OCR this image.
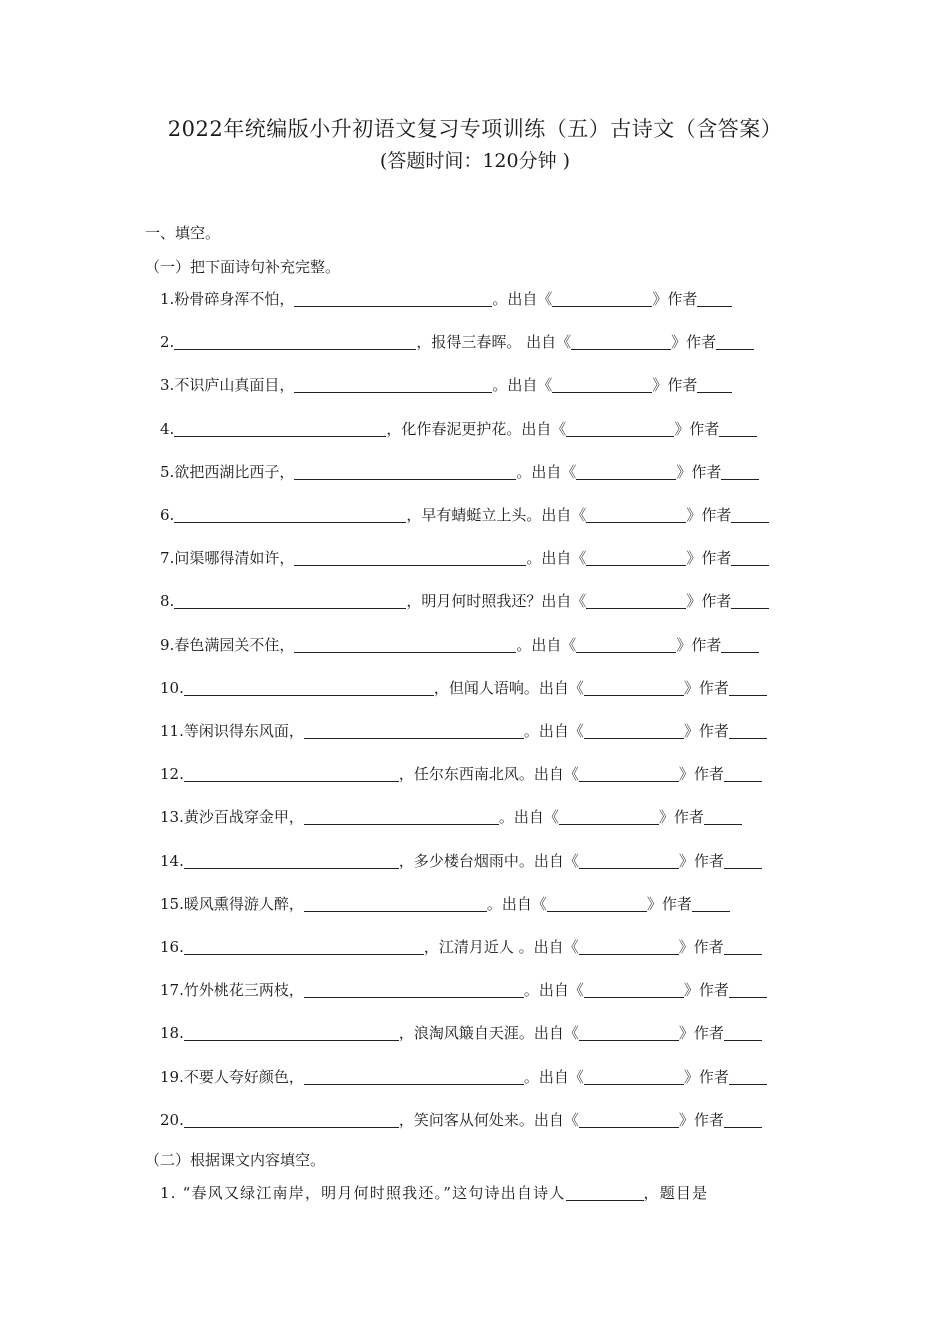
2022年统编版小升初语文复习专项训练（五）古诗文（含答案）
(答题时间：120分钟 )
一、填空。
（一）把下面诗句补充完整。
1.粉骨碎身浑不怕，	。出自《	》作者
2.	，报得三春晖。 出自《	》作者
3.不识庐山真面目，	。出自《	》作者
4.	，化作春泥更护花。出自《	》作者
5.欲把西湖比西子，	。出自《	》作者
6.	，早有蜻蜓立上头。出自《	》作者
7.问渠哪得清如许，	。出自《	》作者
8.	，明月何时照我还？出自《	》作者
9.春色满园关不住，	。出自《	》作者
10.	，但闻人语响。出自《	》作者
11.等闲识得东风面，	。出自《	》作者
12.	，任尔东西南北风。出自《	》作者
13.黄沙百战穿金甲，	。出自《	》作者
14.	，多少楼台烟雨中。出自《	》作者
15.暖风熏得游人醉，	。出自《	》作者
16.	，江清月近人 。出自《	》作者
17.竹外桃花三两枝，	。出自《	》作者
18.	，浪淘风簸自天涯。出自《	》作者
19.不要人夸好颜色，	。出自《	》作者
20.	，笑问客从何处来。出自《	》作者
（二）根据课文内容填空。
1. “春风又绿江南岸，明月何时照我还。”这句诗出自诗人	，题目是
